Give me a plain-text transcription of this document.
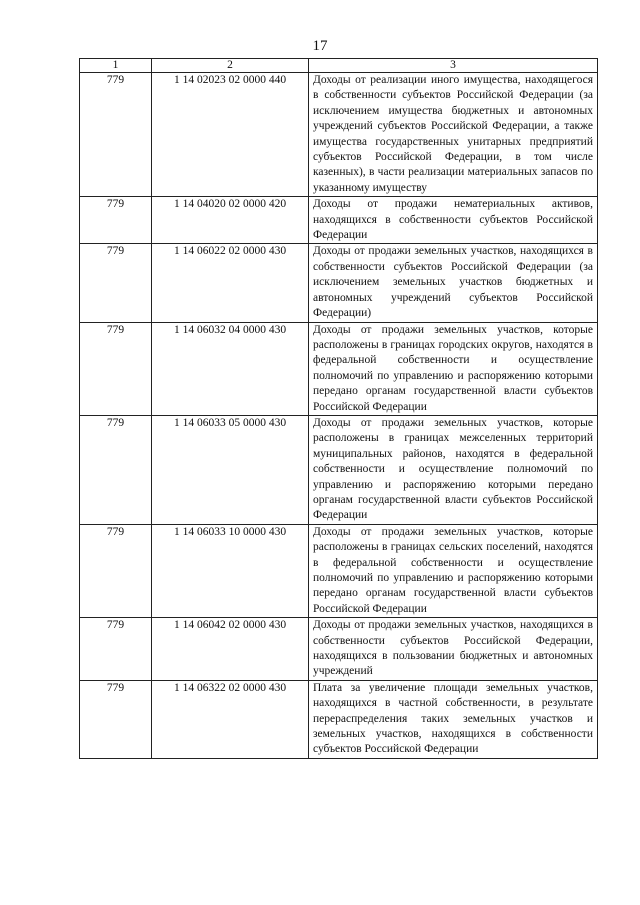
17
1	2	3
779	1 14 02023 02 0000 440	Доходы от реализации иного имущества, находящегося в собственности субъектов Российской Федерации (за исключением имущества бюджетных и автономных учреждений субъектов Российской Федерации, а также имущества государственных унитарных предприятий субъектов Российской Федерации, в том числе казенных), в части реализации материальных запасов по указанному имуществу
779	1 14 04020 02 0000 420	Доходы от продажи нематериальных активов, находящихся в собственности субъектов Российской Федерации
779	1 14 06022 02 0000 430	Доходы от продажи земельных участков, находящихся в собственности субъектов Российской Федерации (за исключением земельных участков бюджетных и автономных учреждений субъектов Российской Федерации)
779	1 14 06032 04 0000 430	Доходы от продажи земельных участков, которые расположены в границах городских округов, находятся в федеральной собственности и осуществление полномочий по управлению и распоряжению которыми передано органам государственной власти субъектов Российской Федерации
779	1 14 06033 05 0000 430	Доходы от продажи земельных участков, которые расположены в границах межселенных территорий муниципальных районов, находятся в федеральной собственности и осуществление полномочий по управлению и распоряжению которыми передано органам государственной власти субъектов Российской Федерации
779	1 14 06033 10 0000 430	Доходы от продажи земельных участков, которые расположены в границах сельских поселений, находятся в федеральной собственности и осуществление полномочий по управлению и распоряжению которыми передано органам государственной власти субъектов Российской Федерации
779	1 14 06042 02 0000 430	Доходы от продажи земельных участков, находящихся в собственности субъектов Российской Федерации, находящихся в пользовании бюджетных и автономных учреждений
779	1 14 06322 02 0000 430	Плата за увеличение площади земельных участков, находящихся в частной собственности, в результате перераспределения таких земельных участков и земельных участков, находящихся в собственности субъектов Российской Федерации
